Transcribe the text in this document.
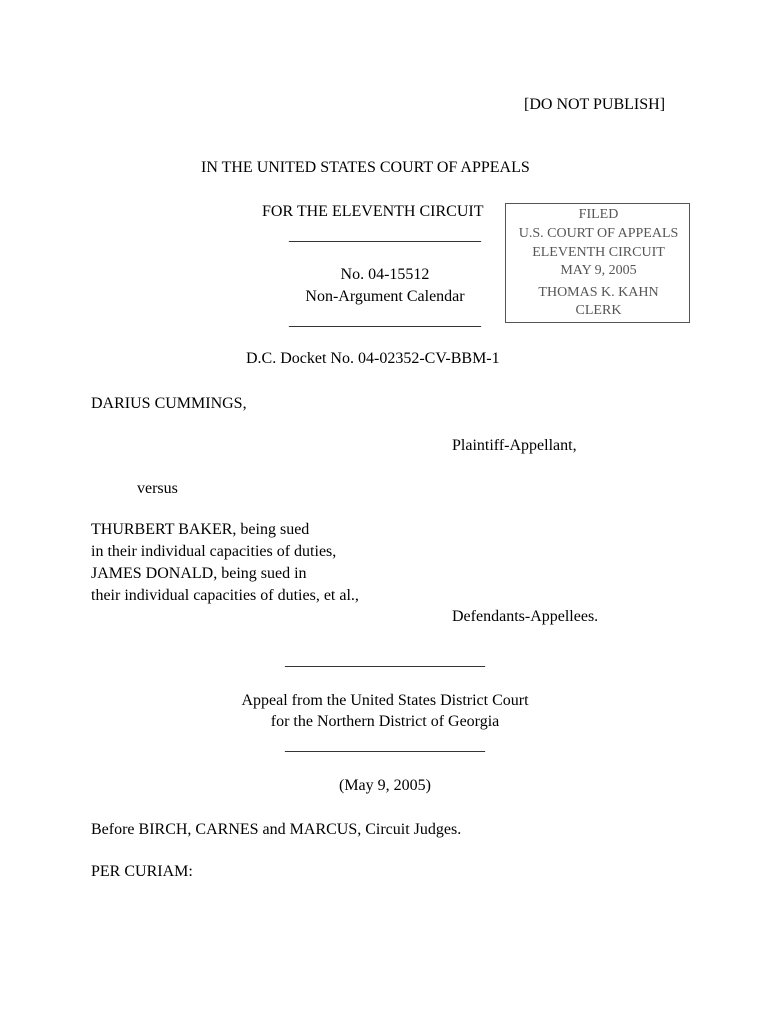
[DO NOT PUBLISH]
IN THE UNITED STATES COURT OF APPEALS
FOR THE ELEVENTH CIRCUIT
________________________
No. 04-15512
Non-Argument Calendar
________________________
FILED
U.S. COURT OF APPEALS
ELEVENTH CIRCUIT
MAY 9, 2005
THOMAS K. KAHN
CLERK
D.C. Docket No. 04-02352-CV-BBM-1
DARIUS CUMMINGS,
Plaintiff-Appellant,
versus
THURBERT BAKER, being sued
in their individual capacities of duties,
JAMES DONALD, being sued in
their individual capacities of duties, et al.,
Defendants-Appellees.
_________________________
Appeal from the United States District Court
for the Northern District of Georgia
_________________________
(May 9, 2005)
Before BIRCH, CARNES and MARCUS, Circuit Judges.
PER CURIAM:
